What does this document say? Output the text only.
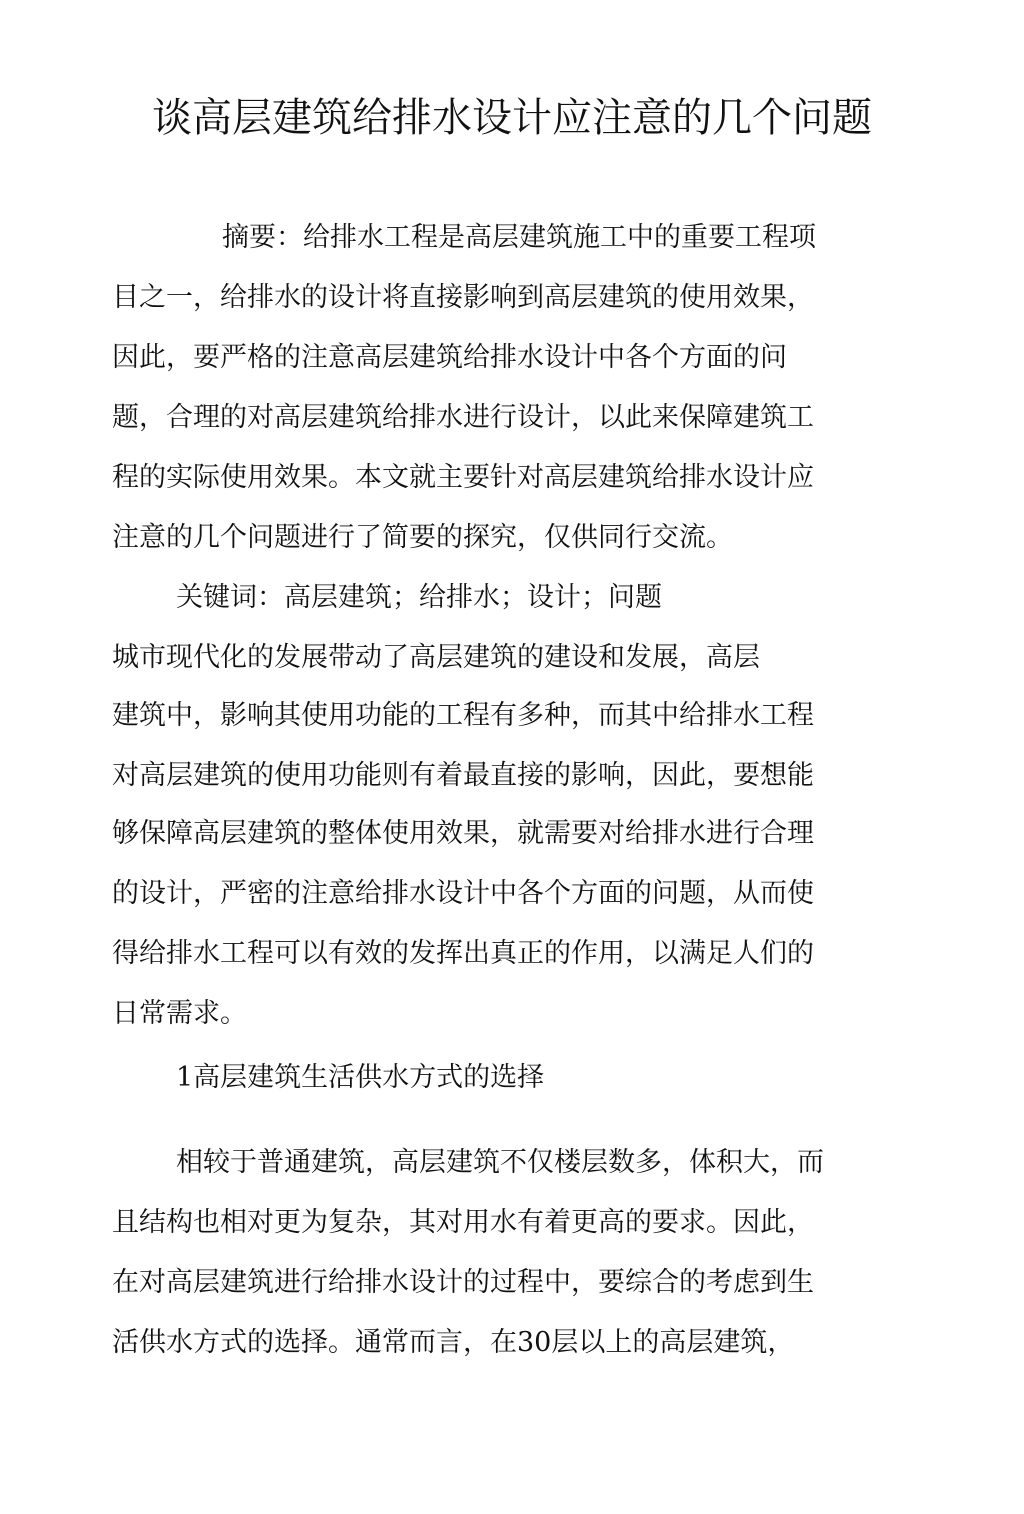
谈高层建筑给排水设计应注意的几个问题

摘要：给排水工程是高层建筑施工中的重要工程项

目之一，给排水的设计将直接影响到高层建筑的使用效果，

因此，要严格的注意高层建筑给排水设计中各个方面的问

题，合理的对高层建筑给排水进行设计，以此来保障建筑工

程的实际使用效果。本文就主要针对高层建筑给排水设计应

注意的几个问题进行了简要的探究，仅供同行交流。

关键词：高层建筑；给排水；设计；问题

城市现代化的发展带动了高层建筑的建设和发展，高层

建筑中，影响其使用功能的工程有多种，而其中给排水工程

对高层建筑的使用功能则有着最直接的影响，因此，要想能

够保障高层建筑的整体使用效果，就需要对给排水进行合理

的设计，严密的注意给排水设计中各个方面的问题，从而使

得给排水工程可以有效的发挥出真正的作用，以满足人们的

日常需求。

1高层建筑生活供水方式的选择

相较于普通建筑，高层建筑不仅楼层数多，体积大，而

且结构也相对更为复杂，其对用水有着更高的要求。因此，

在对高层建筑进行给排水设计的过程中，要综合的考虑到生

活供水方式的选择。通常而言，在30层以上的高层建筑，
